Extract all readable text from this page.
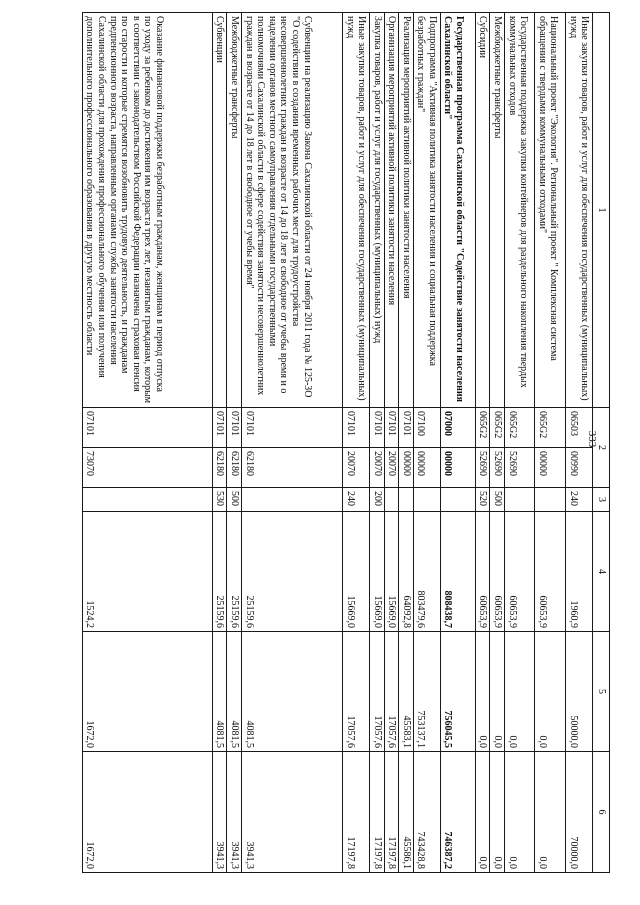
333
1	2		3	4	5	6
Иные закупки товаров, работ и услуг для обеспечения государственных (муниципальных) нужд	06503	00990	240	1960,9	50000,0	70000,0
Национальный проект "Экология". Региональный проект " Комплексная система обращения с твердыми коммунальными отходами"	065G2	00000		60653,9	0,0	0,0
Государственная поддержка закупки контейнеров для раздельного накопления твердых коммунальных отходов	065G2	52690		60653,9	0,0	0,0
Межбюджетные трансферты	065G2	52690	500	60653,9	0,0	0,0
Субсидии	065G2	52690	520	60653,9	0,0	0,0
Государственная программа Сахалинской области "Содействие занятости населения Сахалинской области"	07000	00000		808438,7	756045,5	746387,2
Подпрограмма "Активная политика занятости населения и социальная поддержка безработных граждан"	07100	00000		803479,6	753137,1	743428,8
Реализация мероприятий активной политики занятости населения	07101	00000		64092,8	45583,1	45586,1
Организация мероприятий активной политики занятости населения	07101	20070		15669,0	17057,6	17197,8
Закупка товаров, работ и услуг для государственных (муниципальных) нужд	07101	20070	200	15669,0	17057,6	17197,8
Иные закупки товаров, работ и услуг для обеспечения государственных (муниципальных) нужд	07101	20070	240	15669,0	17057,6	17197,8
Субвенции на реализацию Закона Сахалинской области от 24 ноября 2011 года № 125-ЗО "О содействии в создании временных рабочих мест для трудоустройства несовершеннолетних граждан в возрасте от 14 до 18 лет в свободное от учебы время и о наделении органов местного самоуправления отдельными государственными полномочиями Сахалинской области в сфере содействия занятости несовершеннолетних граждан в возрасте от 14 до 18 лет в свободное от учебы время"	07101	62180		25159,6	4081,5	3941,3
Межбюджетные трансферты	07101	62180	500	25159,6	4081,5	3941,3
Субвенции	07101	62180	530	25159,6	4081,5	3941,3
Оказание финансовой поддержки безработным гражданам, женщинам в период отпуска по уходу за ребенком до достижения им возраста трех лет, незанятым гражданам, которым в соответствии с законодательством Российской Федерации назначена страховая пенсия по старости и которые стремятся возобновить трудовую деятельность, и гражданам предпенсионного возраста, направленным органами службы занятости населения Сахалинской области для прохождения профессионального обучения или получения дополнительного профессионального образования в другую местность области	07101	73070		1524,2	1672,0	1672,0
